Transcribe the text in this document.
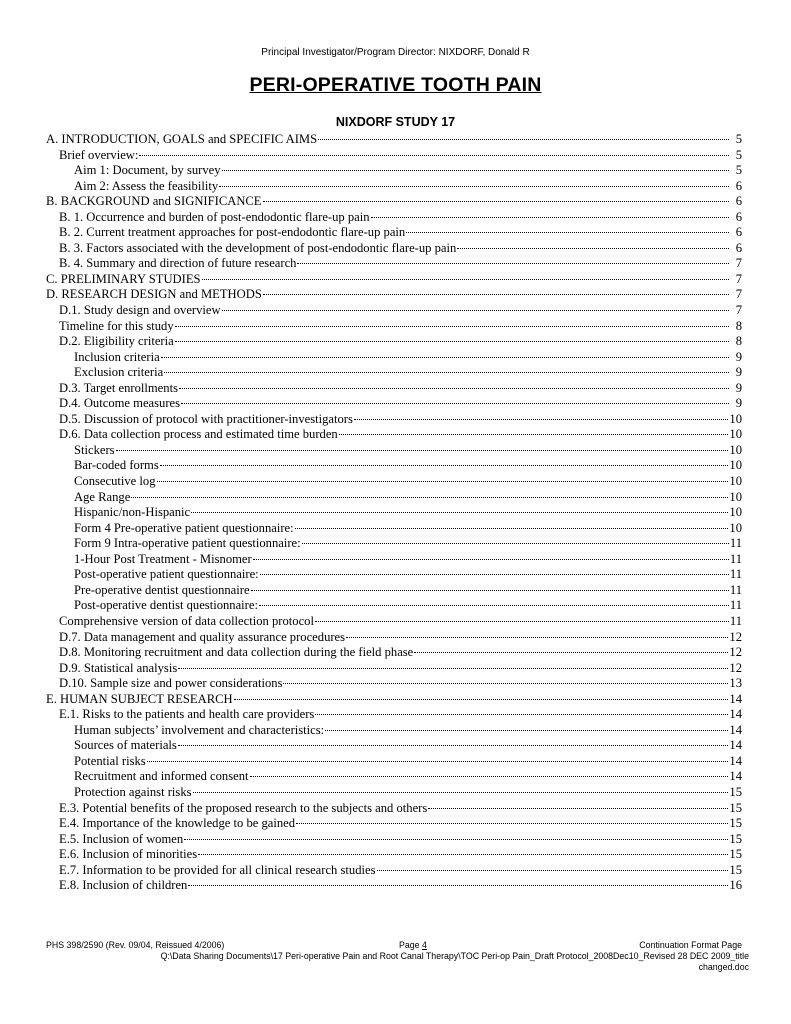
Principal Investigator/Program Director: NIXDORF, Donald R
PERI-OPERATIVE TOOTH PAIN
NIXDORF STUDY 17
A. INTRODUCTION, GOALS and SPECIFIC AIMS	5
Brief overview:	5
Aim 1: Document, by survey	5
Aim 2: Assess the feasibility	6
B. BACKGROUND and SIGNIFICANCE	6
B. 1. Occurrence and burden of post-endodontic flare-up pain	6
B. 2. Current treatment approaches for post-endodontic flare-up pain	6
B. 3. Factors associated with the development of post-endodontic flare-up pain	6
B. 4. Summary and direction of future research	7
C. PRELIMINARY STUDIES	7
D. RESEARCH DESIGN and METHODS	7
D.1. Study design and overview	7
Timeline for this study	8
D.2. Eligibility criteria	8
Inclusion criteria	9
Exclusion criteria	9
D.3. Target enrollments	9
D.4. Outcome measures	9
D.5. Discussion of protocol with practitioner-investigators	10
D.6. Data collection process and estimated time burden	10
Stickers	10
Bar-coded forms	10
Consecutive log	10
Age Range	10
Hispanic/non-Hispanic	10
Form 4 Pre-operative patient questionnaire:	10
Form 9 Intra-operative patient questionnaire:	11
1-Hour Post Treatment - Misnomer	11
Post-operative patient questionnaire:	11
Pre-operative dentist questionnaire	11
Post-operative dentist questionnaire:	11
Comprehensive version of data collection protocol	11
D.7. Data management and quality assurance procedures	12
D.8. Monitoring recruitment and data collection during the field phase	12
D.9. Statistical analysis	12
D.10. Sample size and power considerations	13
E. HUMAN SUBJECT RESEARCH	14
E.1. Risks to the patients and health care providers	14
Human subjects’ involvement and characteristics:	14
Sources of materials	14
Potential risks	14
Recruitment and informed consent	14
Protection against risks	15
E.3. Potential benefits of the proposed research to the subjects and others	15
E.4. Importance of the knowledge to be gained	15
E.5. Inclusion of women	15
E.6. Inclusion of minorities	15
E.7. Information to be provided for all clinical research studies	15
E.8. Inclusion of children	16
PHS 398/2590 (Rev. 09/04, Reissued 4/2006)	Page 4	Continuation Format Page
Q:\Data Sharing Documents\17 Peri-operative Pain and Root Canal Therapy\TOC Peri-op Pain_Draft Protocol_2008Dec10_Revised 28 DEC 2009_title
changed.doc
